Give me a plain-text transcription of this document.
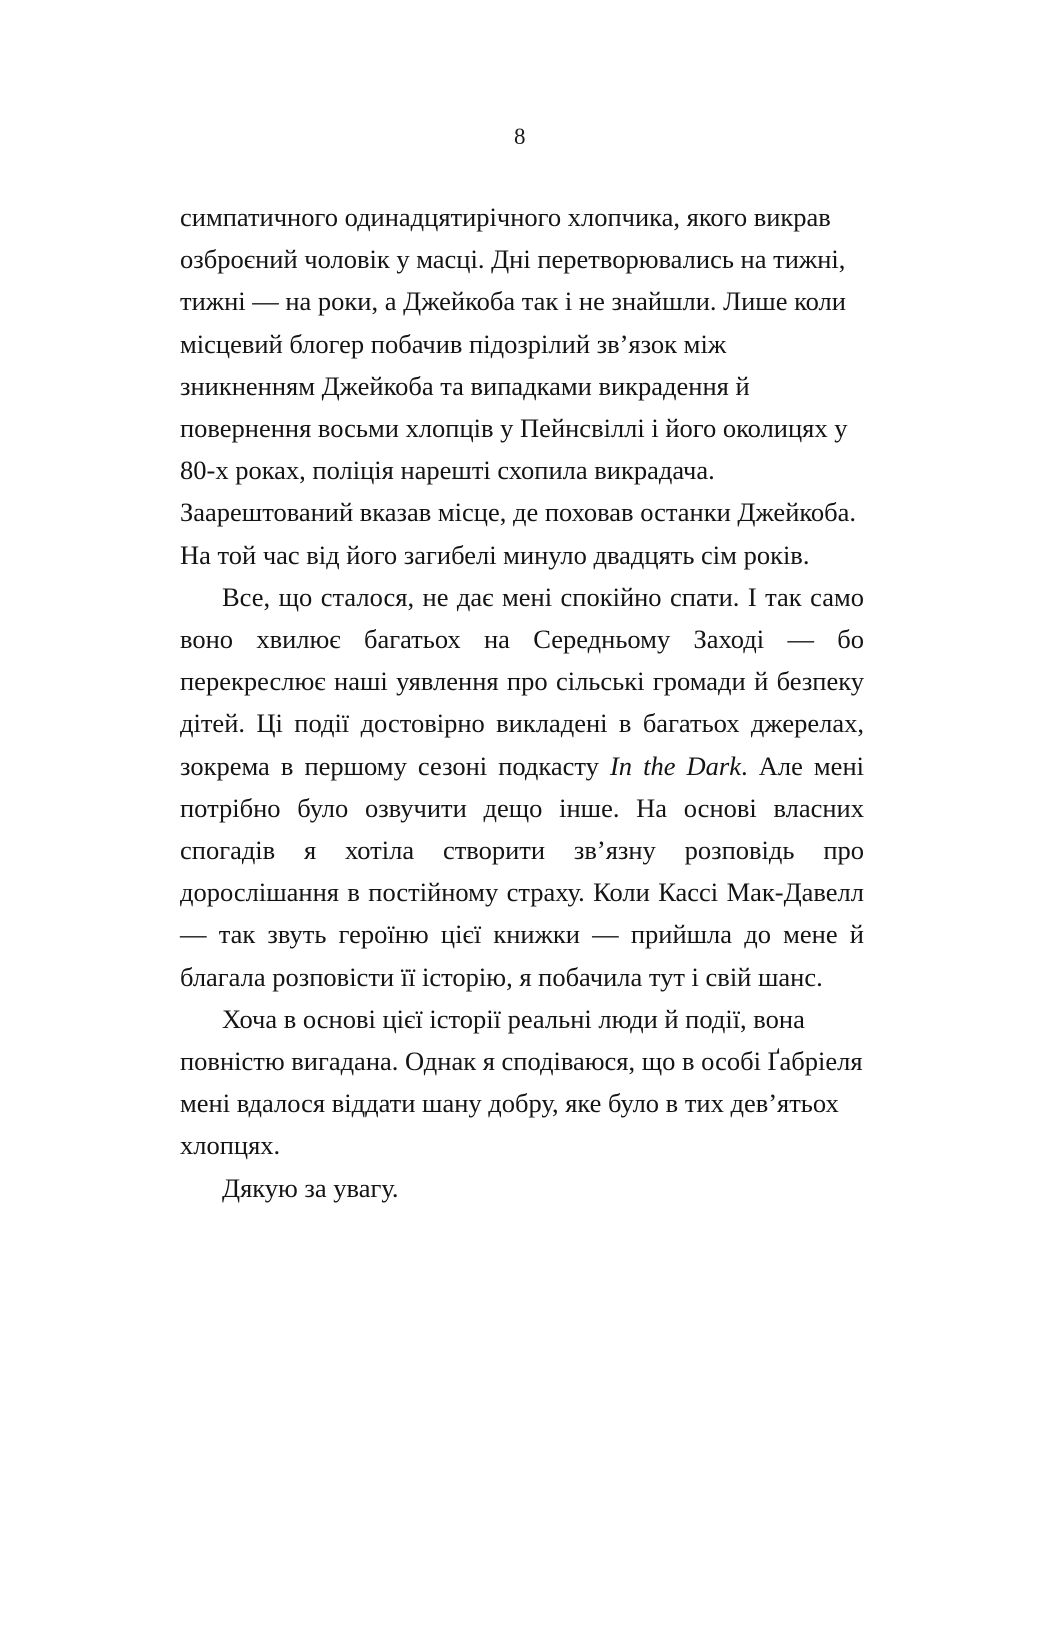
8

симпатичного одинадцятирічного хлопчика, якого викрав озброєний чоловік у масці. Дні перетворювались на тижні, тижні — на роки, а Джейкоба так і не знайшли. Лише коли місцевий блогер побачив підозрілий зв’язок між зникненням Джейкоба та випадками викрадення й повернення восьми хлопців у Пейнсвіллі і його околицях у 80-х роках, поліція нарешті схопила викрадача. Заарештований вказав місце, де поховав останки Джейкоба. На той час від його загибелі минуло двадцять сім років.

Все, що сталося, не дає мені спокійно спати. І так само воно хвилює багатьох на Середньому Заході — бо перекреслює наші уявлення про сільські громади й безпеку дітей. Ці події достовірно викладені в багатьох джерелах, зокрема в першому сезоні подкасту In the Dark. Але мені потрібно було озвучити дещо інше. На основі власних спогадів я хотіла створити зв’язну розповідь про дорослішання в постійному страху. Коли Кассі Мак-Давелл — так звуть героїню цієї книжки — прийшла до мене й благала розповісти її історію, я побачила тут і свій шанс.

Хоча в основі цієї історії реальні люди й події, вона повністю вигадана. Однак я сподіваюся, що в особі Ґабріеля мені вдалося віддати шану добру, яке було в тих дев’ятьох хлопцях.

Дякую за увагу.
